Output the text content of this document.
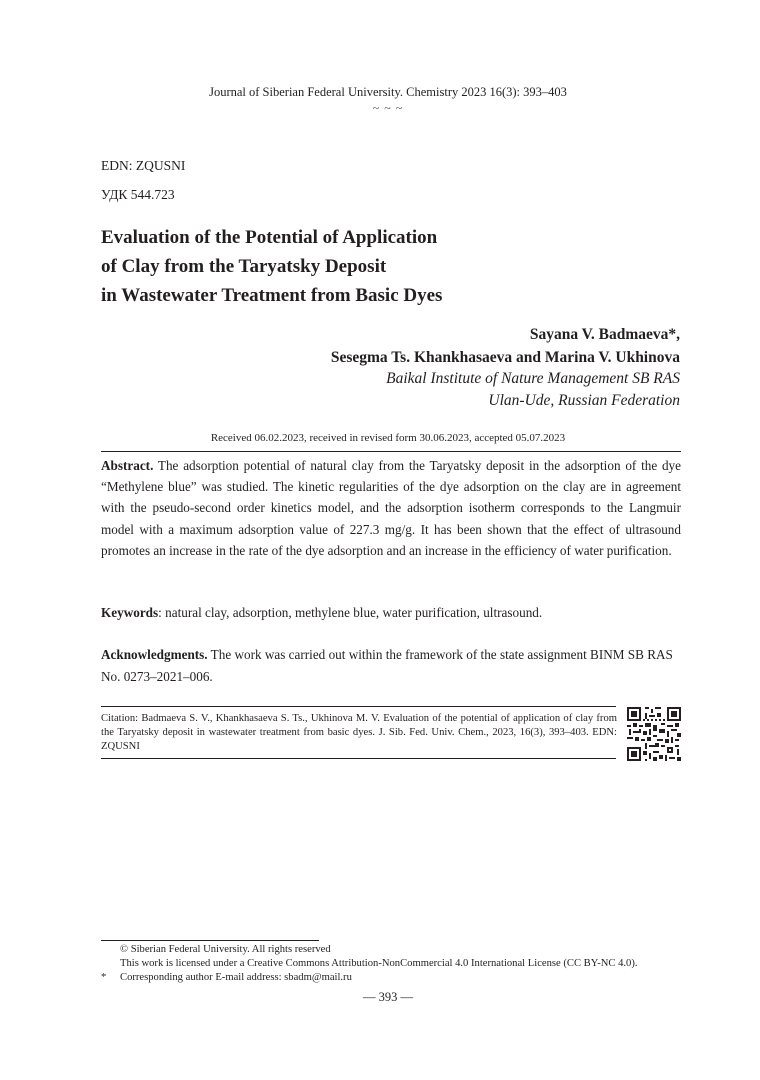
Journal of Siberian Federal University. Chemistry 2023 16(3): 393–403
~ ~ ~
EDN: ZQUSNI
УДК 544.723
Evaluation of the Potential of Application
of Clay from the Taryatsky Deposit
in Wastewater Treatment from Basic Dyes
Sayana V. Badmaeva*,
Sesegma Ts. Khankhasaeva and Marina V. Ukhinova
Baikal Institute of Nature Management SB RAS
Ulan-Ude, Russian Federation
Received 06.02.2023, received in revised form 30.06.2023, accepted 05.07.2023
Abstract. The adsorption potential of natural clay from the Taryatsky deposit in the adsorption of the dye “Methylene blue” was studied. The kinetic regularities of the dye adsorption on the clay are in agreement with the pseudo-second order kinetics model, and the adsorption isotherm corresponds to the Langmuir model with a maximum adsorption value of 227.3 mg/g. It has been shown that the effect of ultrasound promotes an increase in the rate of the dye adsorption and an increase in the efficiency of water purification.
Keywords: natural clay, adsorption, methylene blue, water purification, ultrasound.
Acknowledgments. The work was carried out within the framework of the state assignment BINM SB RAS No. 0273–2021–006.
Citation: Badmaeva S. V., Khankhasaeva S. Ts., Ukhinova M. V. Evaluation of the potential of application of clay from the Taryatsky deposit in wastewater treatment from basic dyes. J. Sib. Fed. Univ. Chem., 2023, 16(3), 393–403. EDN: ZQUSNI
© Siberian Federal University. All rights reserved
This work is licensed under a Creative Commons Attribution-NonCommercial 4.0 International License (CC BY-NC 4.0).
* Corresponding author E-mail address: sbadm@mail.ru
— 393 —
